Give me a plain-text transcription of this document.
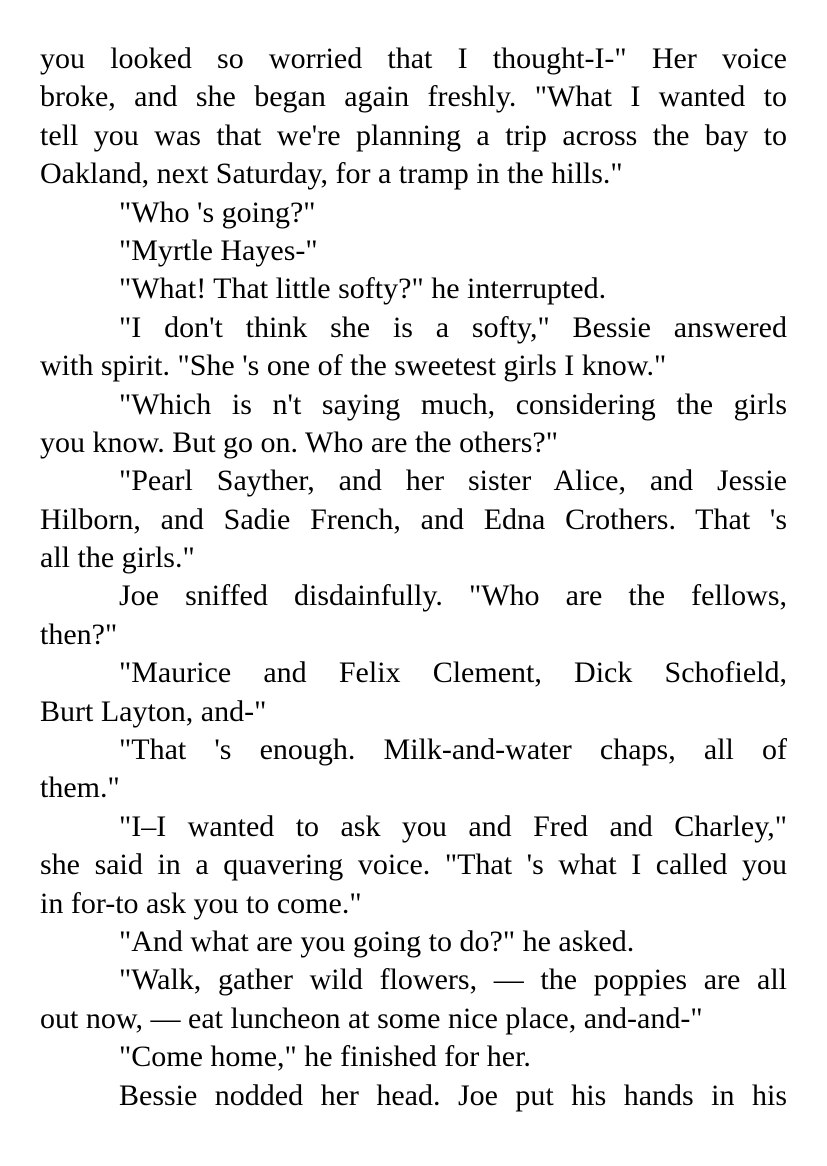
you looked so worried that I thought-I-" Her voice
broke, and she began again freshly. "What I wanted to
tell you was that we're planning a trip across the bay to
Oakland, next Saturday, for a tramp in the hills."
"Who 's going?"
"Myrtle Hayes-"
"What! That little softy?" he interrupted.
"I don't think she is a softy," Bessie answered
with spirit. "She 's one of the sweetest girls I know."
"Which is n't saying much, considering the girls
you know. But go on. Who are the others?"
"Pearl Sayther, and her sister Alice, and Jessie
Hilborn, and Sadie French, and Edna Crothers. That 's
all the girls."
Joe sniffed disdainfully. "Who are the fellows,
then?"
"Maurice and Felix Clement, Dick Schofield,
Burt Layton, and-"
"That 's enough. Milk-and-water chaps, all of
them."
"I–I wanted to ask you and Fred and Charley,"
she said in a quavering voice. "That 's what I called you
in for-to ask you to come."
"And what are you going to do?" he asked.
"Walk, gather wild flowers, — the poppies are all
out now, — eat luncheon at some nice place, and-and-"
"Come home," he finished for her.
Bessie nodded her head. Joe put his hands in his
